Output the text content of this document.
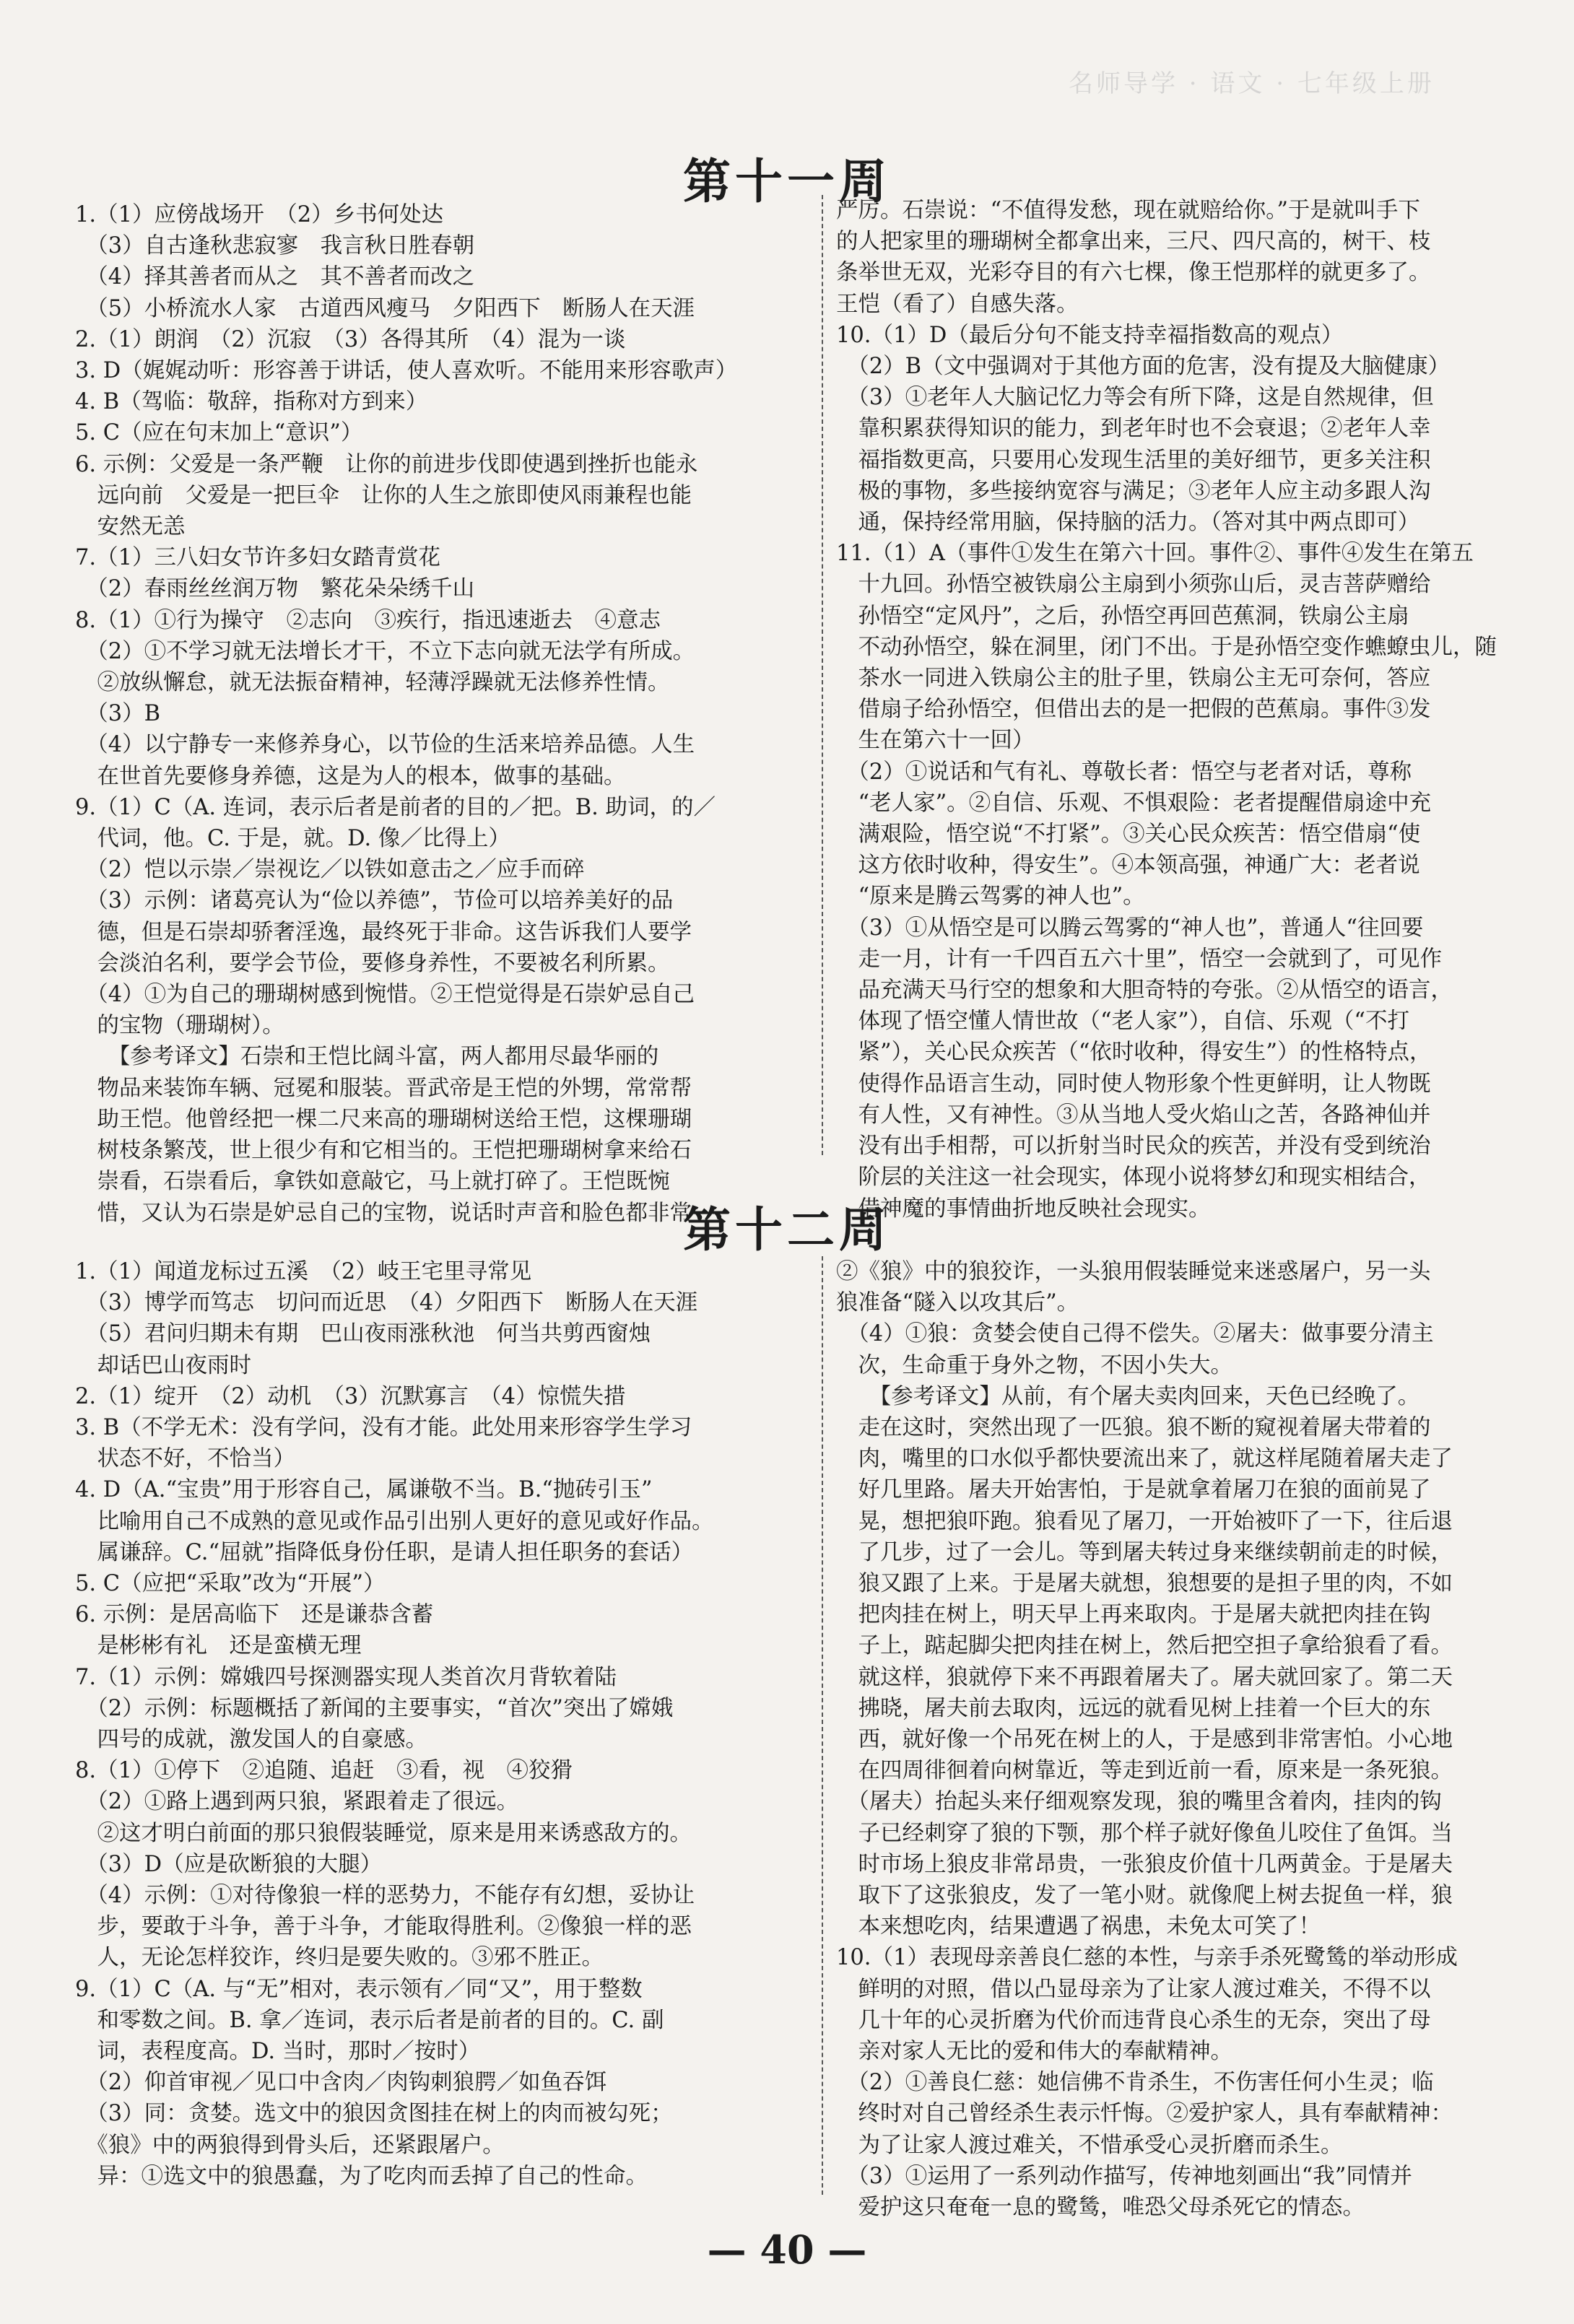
名师导学 · 语文 · 七年级上册
第十一周
1.（1）应傍战场开　（2）乡书何处达
　（3）自古逢秋悲寂寥　我言秋日胜春朝
　（4）择其善者而从之　其不善者而改之
　（5）小桥流水人家　古道西风瘦马　夕阳西下　断肠人在天涯
2.（1）朗润　（2）沉寂　（3）各得其所　（4）混为一谈
3. D（娓娓动听：形容善于讲话，使人喜欢听。不能用来形容歌声）
4. B（驾临：敬辞，指称对方到来）
5. C（应在句末加上“意识”）
6. 示例：父爱是一条严鞭　让你的前进步伐即使遇到挫折也能永
　远向前　父爱是一把巨伞　让你的人生之旅即使风雨兼程也能
　安然无恙
7.（1）三八妇女节许多妇女踏青赏花
　（2）春雨丝丝润万物　繁花朵朵绣千山
8.（1）①行为操守　②志向　③疾行，指迅速逝去　④意志
　（2）①不学习就无法增长才干，不立下志向就无法学有所成。
　②放纵懈怠，就无法振奋精神，轻薄浮躁就无法修养性情。
　（3）B
　（4）以宁静专一来修养身心，以节俭的生活来培养品德。人生
　在世首先要修身养德，这是为人的根本，做事的基础。
9.（1）C（A. 连词，表示后者是前者的目的／把。B. 助词，的／
　代词，他。C. 于是，就。D. 像／比得上）
　（2）恺以示崇／崇视讫／以铁如意击之／应手而碎
　（3）示例：诸葛亮认为“俭以养德”，节俭可以培养美好的品
　德，但是石崇却骄奢淫逸，最终死于非命。这告诉我们人要学
　会淡泊名利，要学会节俭，要修身养性，不要被名利所累。
　（4）①为自己的珊瑚树感到惋惜。②王恺觉得是石崇妒忌自己
　的宝物（珊瑚树）。
　　【参考译文】石崇和王恺比阔斗富，两人都用尽最华丽的
　物品来装饰车辆、冠冕和服装。晋武帝是王恺的外甥，常常帮
　助王恺。他曾经把一棵二尺来高的珊瑚树送给王恺，这棵珊瑚
　树枝条繁茂，世上很少有和它相当的。王恺把珊瑚树拿来给石
　崇看，石崇看后，拿铁如意敲它，马上就打碎了。王恺既惋
　惜，又认为石崇是妒忌自己的宝物，说话时声音和脸色都非常
严厉。石崇说：“不值得发愁，现在就赔给你。”于是就叫手下
的人把家里的珊瑚树全都拿出来，三尺、四尺高的，树干、枝
条举世无双，光彩夺目的有六七棵，像王恺那样的就更多了。
王恺（看了）自感失落。
10.（1）D（最后分句不能支持幸福指数高的观点）
　（2）B（文中强调对于其他方面的危害，没有提及大脑健康）
　（3）①老年人大脑记忆力等会有所下降，这是自然规律，但
　靠积累获得知识的能力，到老年时也不会衰退；②老年人幸
　福指数更高，只要用心发现生活里的美好细节，更多关注积
　极的事物，多些接纳宽容与满足；③老年人应主动多跟人沟
　通，保持经常用脑，保持脑的活力。（答对其中两点即可）
11.（1）A（事件①发生在第六十回。事件②、事件④发生在第五
　十九回。孙悟空被铁扇公主扇到小须弥山后，灵吉菩萨赠给
　孙悟空“定风丹”，之后，孙悟空再回芭蕉洞，铁扇公主扇
　不动孙悟空，躲在洞里，闭门不出。于是孙悟空变作蟭蟟虫儿，随
　茶水一同进入铁扇公主的肚子里，铁扇公主无可奈何，答应
　借扇子给孙悟空，但借出去的是一把假的芭蕉扇。事件③发
　生在第六十一回）
　（2）①说话和气有礼、尊敬长者：悟空与老者对话，尊称
　“老人家”。②自信、乐观、不惧艰险：老者提醒借扇途中充
　满艰险，悟空说“不打紧”。③关心民众疾苦：悟空借扇“使
　这方依时收种，得安生”。④本领高强，神通广大：老者说
　“原来是腾云驾雾的神人也”。
　（3）①从悟空是可以腾云驾雾的“神人也”，普通人“往回要
　走一月，计有一千四百五六十里”，悟空一会就到了，可见作
　品充满天马行空的想象和大胆奇特的夸张。②从悟空的语言，
　体现了悟空懂人情世故（“老人家”），自信、乐观（“不打
　紧”），关心民众疾苦（“依时收种，得安生”）的性格特点，
　使得作品语言生动，同时使人物形象个性更鲜明，让人物既
　有人性，又有神性。③从当地人受火焰山之苦，各路神仙并
　没有出手相帮，可以折射当时民众的疾苦，并没有受到统治
　阶层的关注这一社会现实，体现小说将梦幻和现实相结合，
　借神魔的事情曲折地反映社会现实。
第十二周
1.（1）闻道龙标过五溪　（2）岐王宅里寻常见
　（3）博学而笃志　切问而近思　（4）夕阳西下　断肠人在天涯
　（5）君问归期未有期　巴山夜雨涨秋池　何当共剪西窗烛
　却话巴山夜雨时
2.（1）绽开　（2）动机　（3）沉默寡言　（4）惊慌失措
3. B（不学无术：没有学问，没有才能。此处用来形容学生学习
　状态不好，不恰当）
4. D（A.“宝贵”用于形容自己，属谦敬不当。B.“抛砖引玉”
　比喻用自己不成熟的意见或作品引出别人更好的意见或好作品。
　属谦辞。C.“屈就”指降低身份任职，是请人担任职务的套话）
5. C（应把“采取”改为“开展”）
6. 示例：是居高临下　还是谦恭含蓄
　是彬彬有礼　还是蛮横无理
7.（1）示例：嫦娥四号探测器实现人类首次月背软着陆
　（2）示例：标题概括了新闻的主要事实，“首次”突出了嫦娥
　四号的成就，激发国人的自豪感。
8.（1）①停下　②追随、追赶　③看，视　④狡猾
　（2）①路上遇到两只狼，紧跟着走了很远。
　②这才明白前面的那只狼假装睡觉，原来是用来诱惑敌方的。
　（3）D（应是砍断狼的大腿）
　（4）示例：①对待像狼一样的恶势力，不能存有幻想，妥协让
　步，要敢于斗争，善于斗争，才能取得胜利。②像狼一样的恶
　人，无论怎样狡诈，终归是要失败的。③邪不胜正。
9.（1）C（A. 与“无”相对，表示领有／同“又”，用于整数
　和零数之间。B. 拿／连词，表示后者是前者的目的。C. 副
　词，表程度高。D. 当时，那时／按时）
　（2）仰首审视／见口中含肉／肉钩刺狼腭／如鱼吞饵
　（3）同：贪婪。选文中的狼因贪图挂在树上的肉而被勾死；
　《狼》中的两狼得到骨头后，还紧跟屠户。
　异：①选文中的狼愚蠢，为了吃肉而丢掉了自己的性命。
②《狼》中的狼狡诈，一头狼用假装睡觉来迷惑屠户，另一头
狼准备“隧入以攻其后”。
　（4）①狼：贪婪会使自己得不偿失。②屠夫：做事要分清主
　次，生命重于身外之物，不因小失大。
　　【参考译文】从前，有个屠夫卖肉回来，天色已经晚了。
　走在这时，突然出现了一匹狼。狼不断的窥视着屠夫带着的
　肉，嘴里的口水似乎都快要流出来了，就这样尾随着屠夫走了
　好几里路。屠夫开始害怕，于是就拿着屠刀在狼的面前晃了
　晃，想把狼吓跑。狼看见了屠刀，一开始被吓了一下，往后退
　了几步，过了一会儿。等到屠夫转过身来继续朝前走的时候，
　狼又跟了上来。于是屠夫就想，狼想要的是担子里的肉，不如
　把肉挂在树上，明天早上再来取肉。于是屠夫就把肉挂在钩
　子上，踮起脚尖把肉挂在树上，然后把空担子拿给狼看了看。
　就这样，狼就停下来不再跟着屠夫了。屠夫就回家了。第二天
　拂晓，屠夫前去取肉，远远的就看见树上挂着一个巨大的东
　西，就好像一个吊死在树上的人，于是感到非常害怕。小心地
　在四周徘徊着向树靠近，等走到近前一看，原来是一条死狼。
　（屠夫）抬起头来仔细观察发现，狼的嘴里含着肉，挂肉的钩
　子已经刺穿了狼的下颚，那个样子就好像鱼儿咬住了鱼饵。当
　时市场上狼皮非常昂贵，一张狼皮价值十几两黄金。于是屠夫
　取下了这张狼皮，发了一笔小财。就像爬上树去捉鱼一样，狼
　本来想吃肉，结果遭遇了祸患，未免太可笑了！
10.（1）表现母亲善良仁慈的本性，与亲手杀死鹭鸶的举动形成
　鲜明的对照，借以凸显母亲为了让家人渡过难关，不得不以
　几十年的心灵折磨为代价而违背良心杀生的无奈，突出了母
　亲对家人无比的爱和伟大的奉献精神。
　（2）①善良仁慈：她信佛不肯杀生，不伤害任何小生灵；临
　终时对自己曾经杀生表示忏悔。②爱护家人，具有奉献精神：
　为了让家人渡过难关，不惜承受心灵折磨而杀生。
　（3）①运用了一系列动作描写，传神地刻画出“我”同情并
　爱护这只奄奄一息的鹭鸶，唯恐父母杀死它的情态。
— 40 —
